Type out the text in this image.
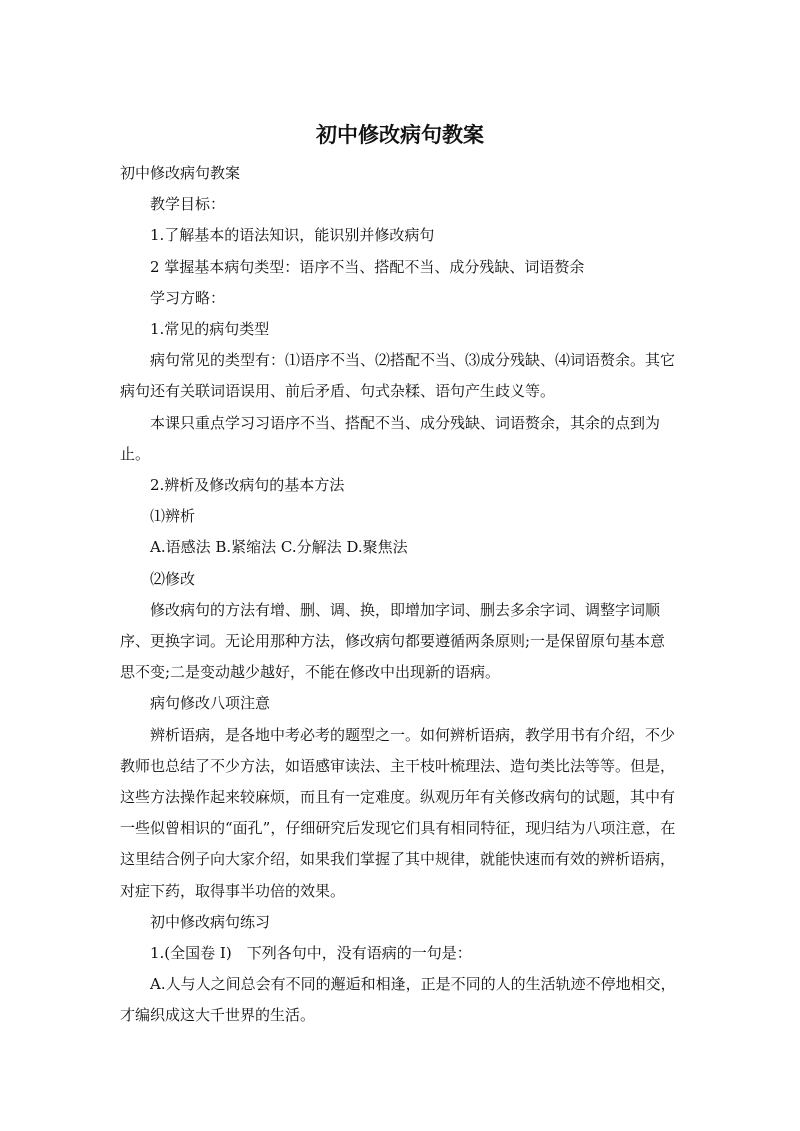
初中修改病句教案

初中修改病句教案

教学目标：

1.了解基本的语法知识，能识别并修改病句

2 掌握基本病句类型：语序不当、搭配不当、成分残缺、词语赘余

学习方略：

1.常见的病句类型

病句常见的类型有：⑴语序不当、⑵搭配不当、⑶成分残缺、⑷词语赘余。其它病句还有关联词语误用、前后矛盾、句式杂糅、语句产生歧义等。

本课只重点学习习语序不当、搭配不当、成分残缺、词语赘余，其余的点到为止。

2.辨析及修改病句的基本方法

⑴辨析

A.语感法 B.紧缩法 C.分解法 D.聚焦法

⑵修改

修改病句的方法有增、删、调、换，即增加字词、删去多余字词、调整字词顺序、更换字词。无论用那种方法，修改病句都要遵循两条原则;一是保留原句基本意思不变;二是变动越少越好，不能在修改中出现新的语病。

病句修改八项注意

辨析语病，是各地中考必考的题型之一。如何辨析语病，教学用书有介绍，不少教师也总结了不少方法，如语感审读法、主干枝叶梳理法、造句类比法等等。但是，这些方法操作起来较麻烦，而且有一定难度。纵观历年有关修改病句的试题，其中有一些似曾相识的“面孔”，仔细研究后发现它们具有相同特征，现归结为八项注意，在这里结合例子向大家介绍，如果我们掌握了其中规律，就能快速而有效的辨析语病，对症下药，取得事半功倍的效果。

初中修改病句练习

1.(全国卷 I)　下列各句中，没有语病的一句是：

A.人与人之间总会有不同的邂逅和相逢，正是不同的人的生活轨迹不停地相交，才编织成这大千世界的生活。
